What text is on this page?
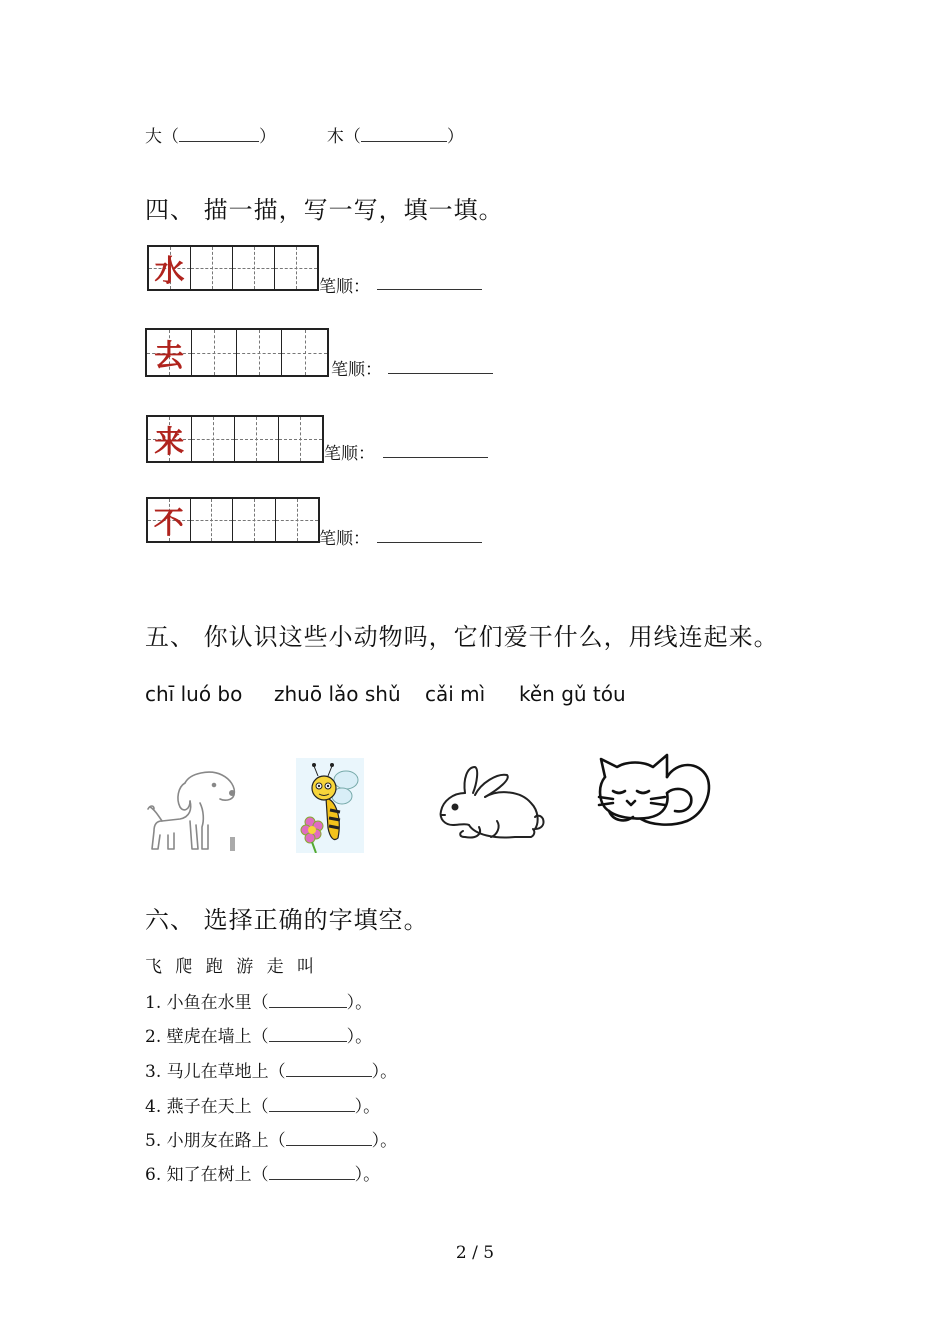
大（	）	木（	）
四、 描一描，写一写，填一填。
水	笔顺：
去	笔顺：
来	笔顺：
不	笔顺：
五、 你认识这些小动物吗，它们爱干什么，用线连起来。
chī luó bo zhuō lǎo shǔ cǎi mì kěn gǔ tóu
六、 选择正确的字填空。
飞 爬 跑 游 走 叫
1. 小鱼在水里（	）。
2. 壁虎在墙上（	）。
3. 马儿在草地上（	）。
4. 燕子在天上（	）。
5. 小朋友在路上（	）。
6. 知了在树上（	）。
2 / 5
